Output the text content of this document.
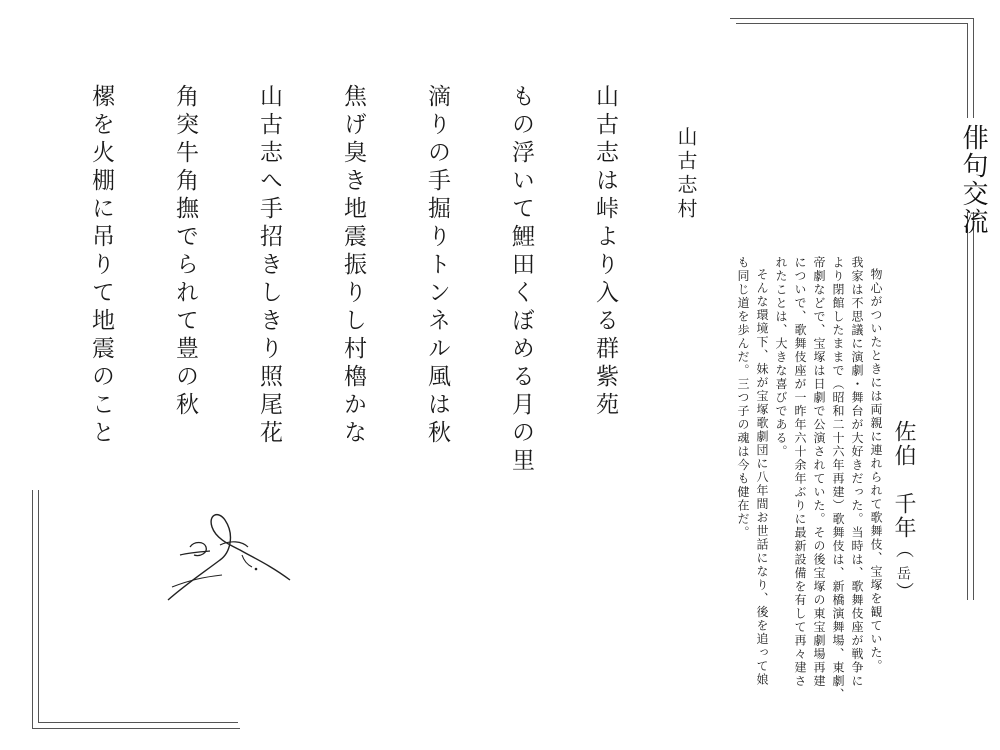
俳句交流
佐伯　千年（岳）
物心がついたときには両親に連れられて歌舞伎、宝塚を観ていた。
我家は不思議に演劇・舞台が大好きだった。当時は、歌舞伎座が戦争に
より閉館したままで（昭和二十六年再建）歌舞伎は、新橋演舞場、東劇、
帝劇などで、宝塚は日劇で公演されていた。その後宝塚の東宝劇場再建
についで、歌舞伎座が一昨年六十余年ぶりに最新設備を有して再々建さ
れたことは、大きな喜びである。
そんな環境下、妹が宝塚歌劇団に八年間お世話になり、後を追って娘
も同じ道を歩んだ。三つ子の魂は今も健在だ。
山古志村
山古志は峠より入る群紫苑
もの浮いて鯉田くぼめる月の里
滴りの手掘りトンネル風は秋
焦げ臭き地震振りし村櫓かな
山古志へ手招きしきり照尾花
角突牛角撫でられて豊の秋
樏を火棚に吊りて地震のこと
